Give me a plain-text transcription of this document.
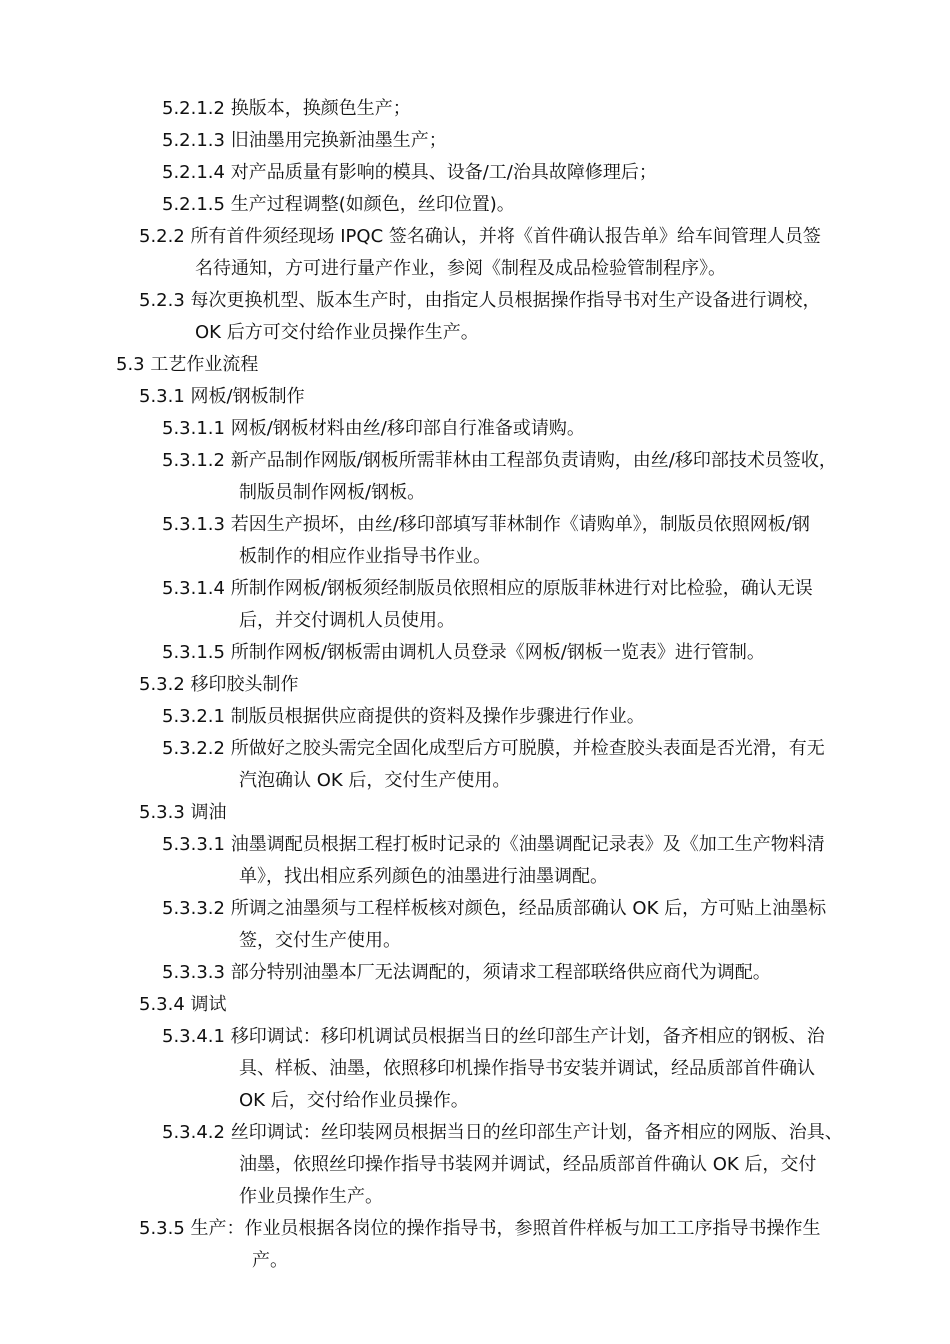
5.2.1.2 换版本，换颜色生产；
5.2.1.3 旧油墨用完换新油墨生产；
5.2.1.4 对产品质量有影响的模具、设备/工/治具故障修理后；
5.2.1.5 生产过程调整(如颜色，丝印位置)。
5.2.2 所有首件须经现场 IPQC 签名确认，并将《首件确认报告单》给车间管理人员签
名待通知，方可进行量产作业，参阅《制程及成品检验管制程序》。
5.2.3 每次更换机型、版本生产时，由指定人员根据操作指导书对生产设备进行调校，
OK 后方可交付给作业员操作生产。
5.3 工艺作业流程
5.3.1 网板/钢板制作
5.3.1.1 网板/钢板材料由丝/移印部自行准备或请购。
5.3.1.2 新产品制作网版/钢板所需菲林由工程部负责请购，由丝/移印部技术员签收，
制版员制作网板/钢板。
5.3.1.3 若因生产损坏，由丝/移印部填写菲林制作《请购单》，制版员依照网板/钢
板制作的相应作业指导书作业。
5.3.1.4 所制作网板/钢板须经制版员依照相应的原版菲林进行对比检验，确认无误
后，并交付调机人员使用。
5.3.1.5 所制作网板/钢板需由调机人员登录《网板/钢板一览表》进行管制。
5.3.2 移印胶头制作
5.3.2.1 制版员根据供应商提供的资料及操作步骤进行作业。
5.3.2.2 所做好之胶头需完全固化成型后方可脱膜，并检查胶头表面是否光滑，有无
汽泡确认 OK 后，交付生产使用。
5.3.3 调油
5.3.3.1 油墨调配员根据工程打板时记录的《油墨调配记录表》及《加工生产物料清
单》，找出相应系列颜色的油墨进行油墨调配。
5.3.3.2 所调之油墨须与工程样板核对颜色，经品质部确认 OK 后，方可贴上油墨标
签，交付生产使用。
5.3.3.3 部分特别油墨本厂无法调配的，须请求工程部联络供应商代为调配。
5.3.4 调试
5.3.4.1 移印调试：移印机调试员根据当日的丝印部生产计划，备齐相应的钢板、治
具、样板、油墨，依照移印机操作指导书安装并调试，经品质部首件确认
OK 后，交付给作业员操作。
5.3.4.2 丝印调试：丝印装网员根据当日的丝印部生产计划，备齐相应的网版、治具、
油墨，依照丝印操作指导书装网并调试，经品质部首件确认 OK 后，交付
作业员操作生产。
5.3.5 生产：作业员根据各岗位的操作指导书，参照首件样板与加工工序指导书操作生
产。
